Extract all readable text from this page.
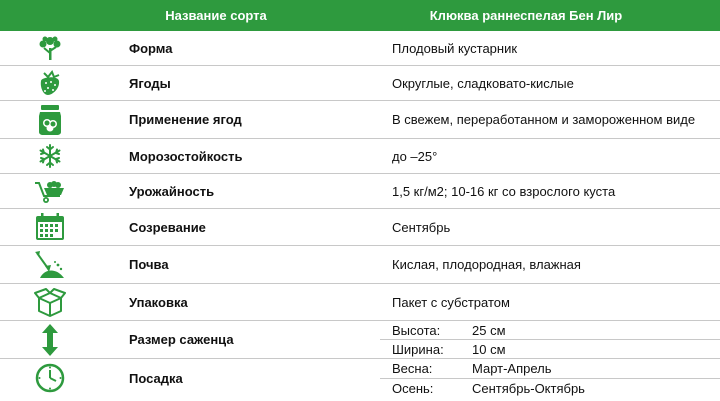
Название сорта	Клюква раннеспелая Бен Лир
Форма	Плодовый кустарник
Ягоды	Округлые, сладковато-кислые
Применение ягод	В свежем, переработанном и замороженном виде
Морозостойкость	до –25°
Урожайность	1,5 кг/м2; 10-16 кг со взрослого куста
Созревание	Сентябрь
Почва	Кислая, плодородная, влажная
Упаковка	Пакет с субстратом
Размер саженца
Высота:	25 см
Ширина:	10 см
Посадка
Весна:	Март-Апрель
Осень:	Сентябрь-Октябрь
